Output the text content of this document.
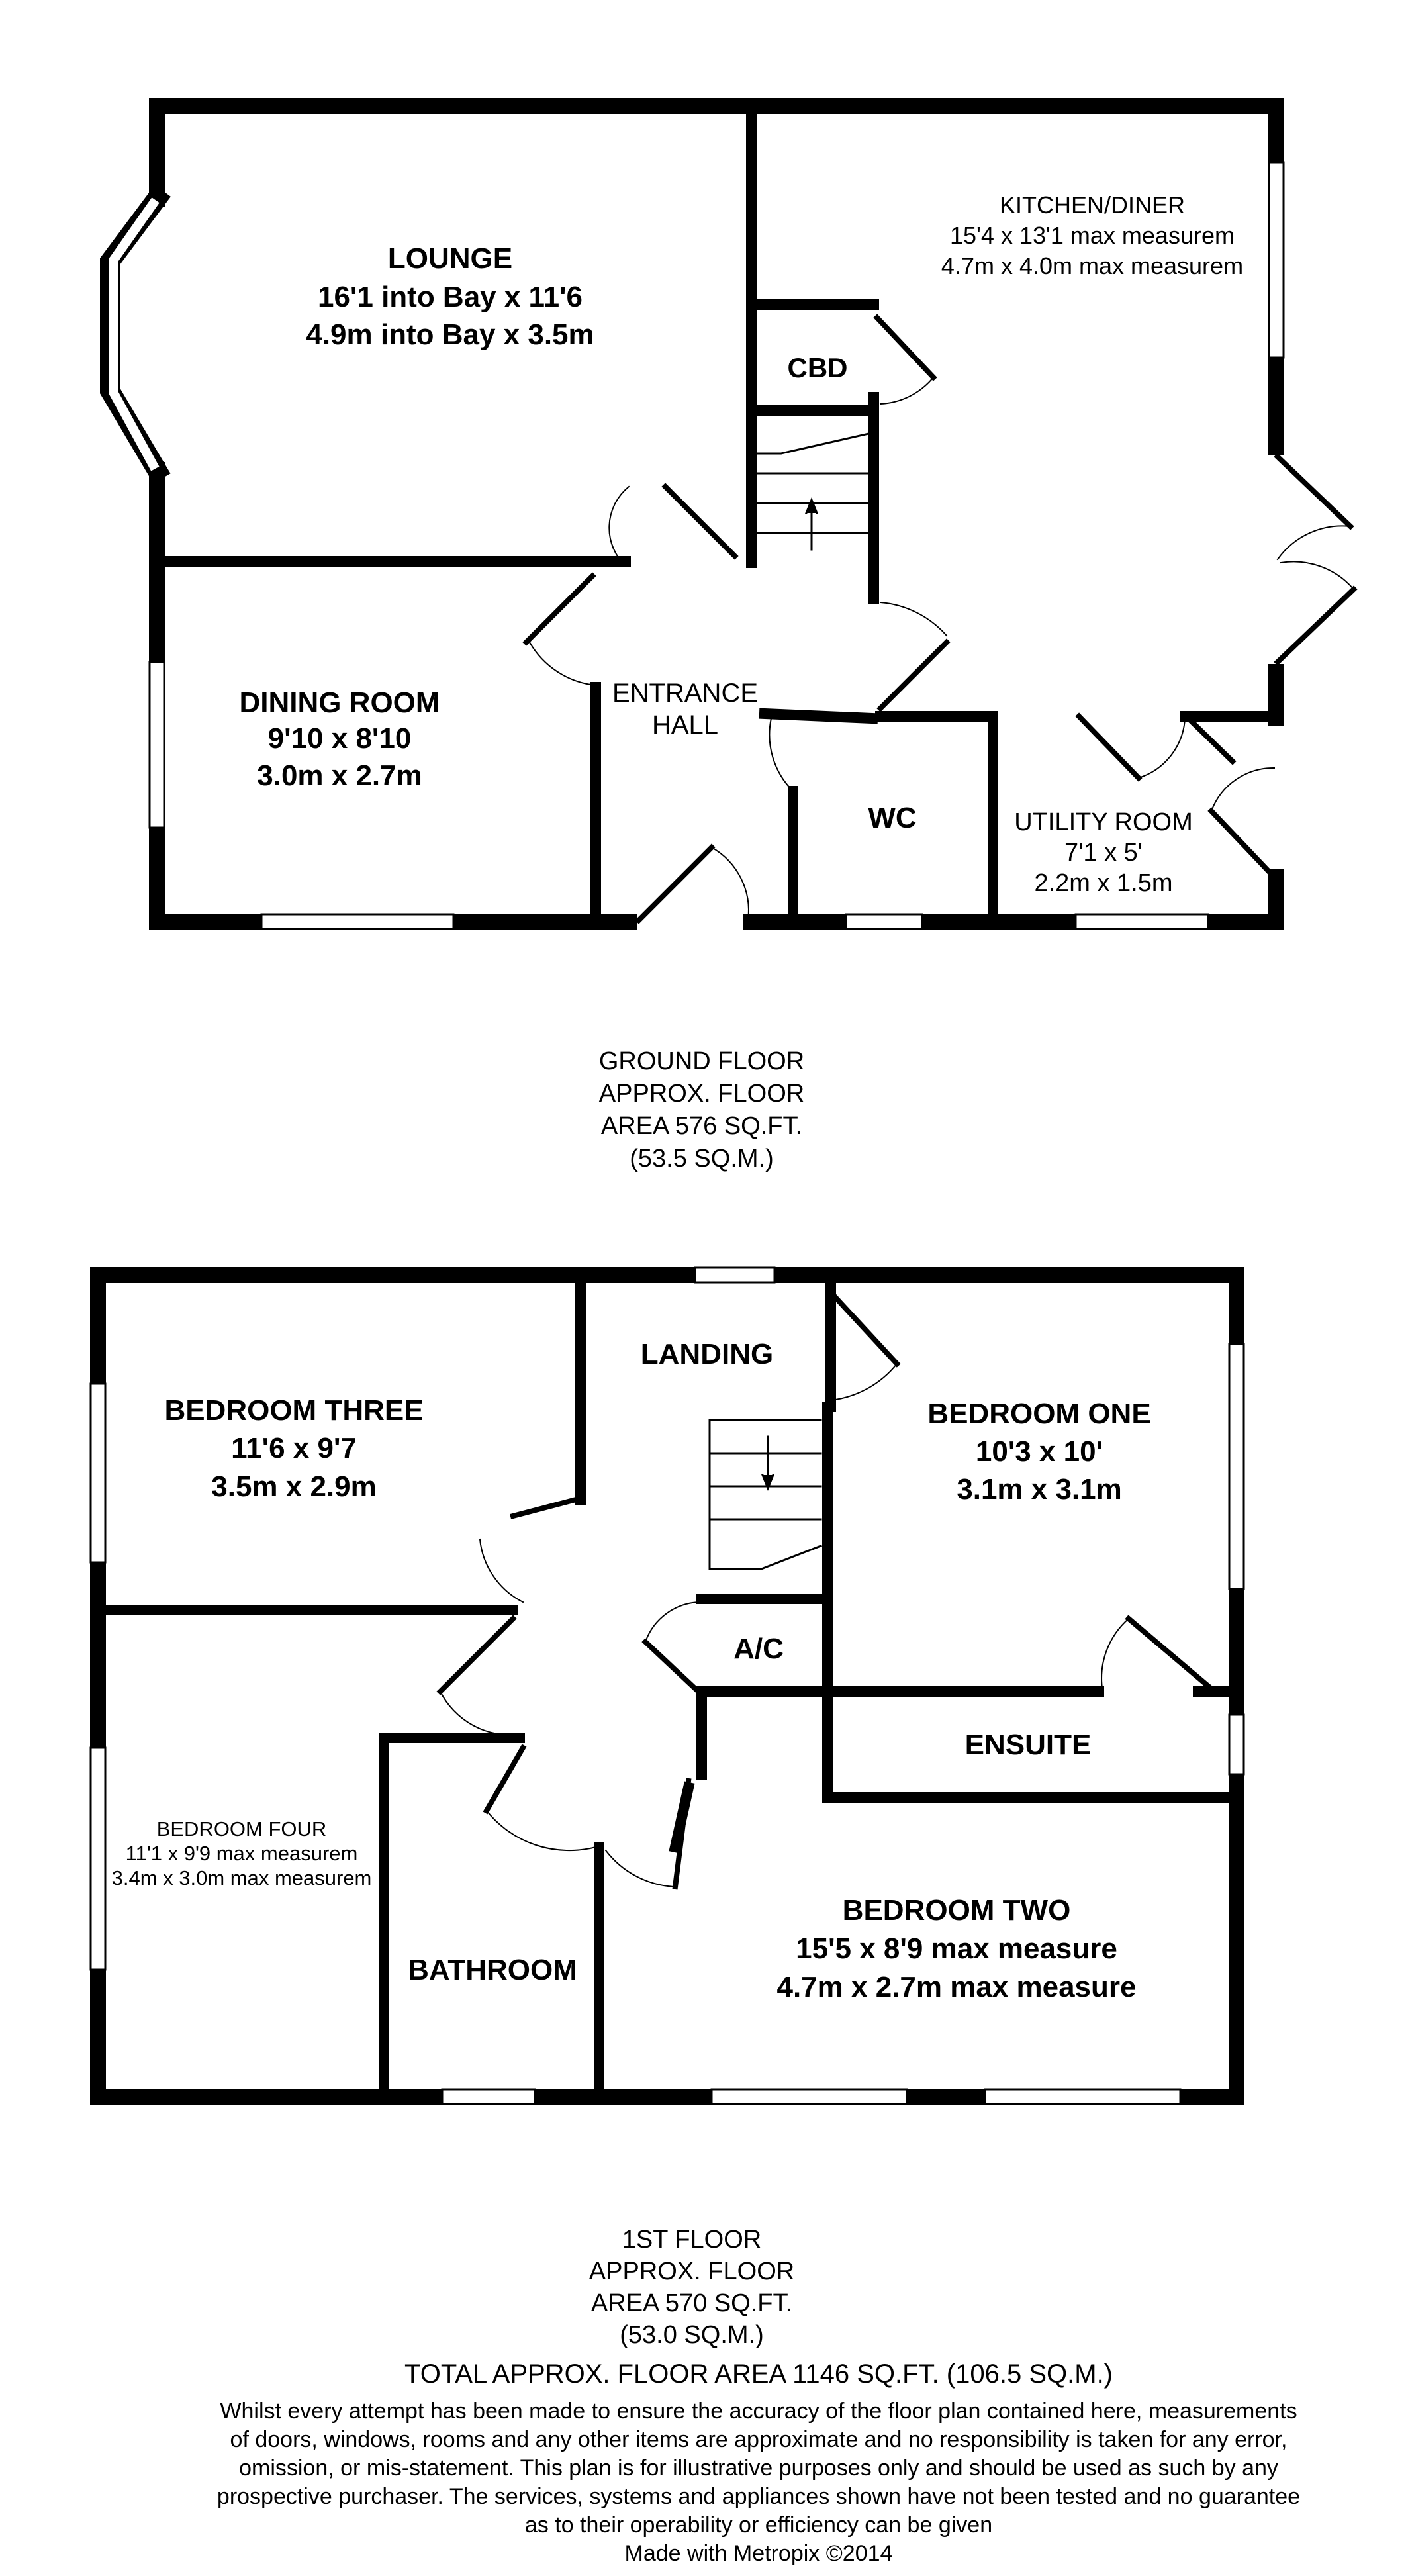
LOUNGE
16'1 into Bay x 11'6
4.9m into Bay x 3.5m
KITCHEN/DINER
15'4 x 13'1 max measurem
4.7m x 4.0m max measurem
CBD
DINING ROOM
9'10 x 8'10
3.0m x 2.7m
ENTRANCE
HALL
WC	UTILITY ROOM
7'1 x 5'
2.2m x 1.5m
GROUND FLOOR
APPROX. FLOOR
AREA 576 SQ.FT.
(53.5 SQ.M.)
BEDROOM THREE
11'6 x 9'7
3.5m x 2.9m
LANDING
BEDROOM ONE
10'3 x 10'
3.1m x 3.1m
A/C
ENSUITE
BEDROOM FOUR
11'1 x 9'9 max measurem
3.4m x 3.0m max measurem
BATHROOM
BEDROOM TWO
15'5 x 8'9 max measure
4.7m x 2.7m max measure
1ST FLOOR
APPROX. FLOOR
AREA 570 SQ.FT.
(53.0 SQ.M.)
TOTAL APPROX. FLOOR AREA 1146 SQ.FT. (106.5 SQ.M.)
Whilst every attempt has been made to ensure the accuracy of the floor plan contained here, measurements
of doors, windows, rooms and any other items are approximate and no responsibility is taken for any error,
omission, or mis-statement. This plan is for illustrative purposes only and should be used as such by any
prospective purchaser. The services, systems and appliances shown have not been tested and no guarantee
as to their operability or efficiency can be given
Made with Metropix ©2014
